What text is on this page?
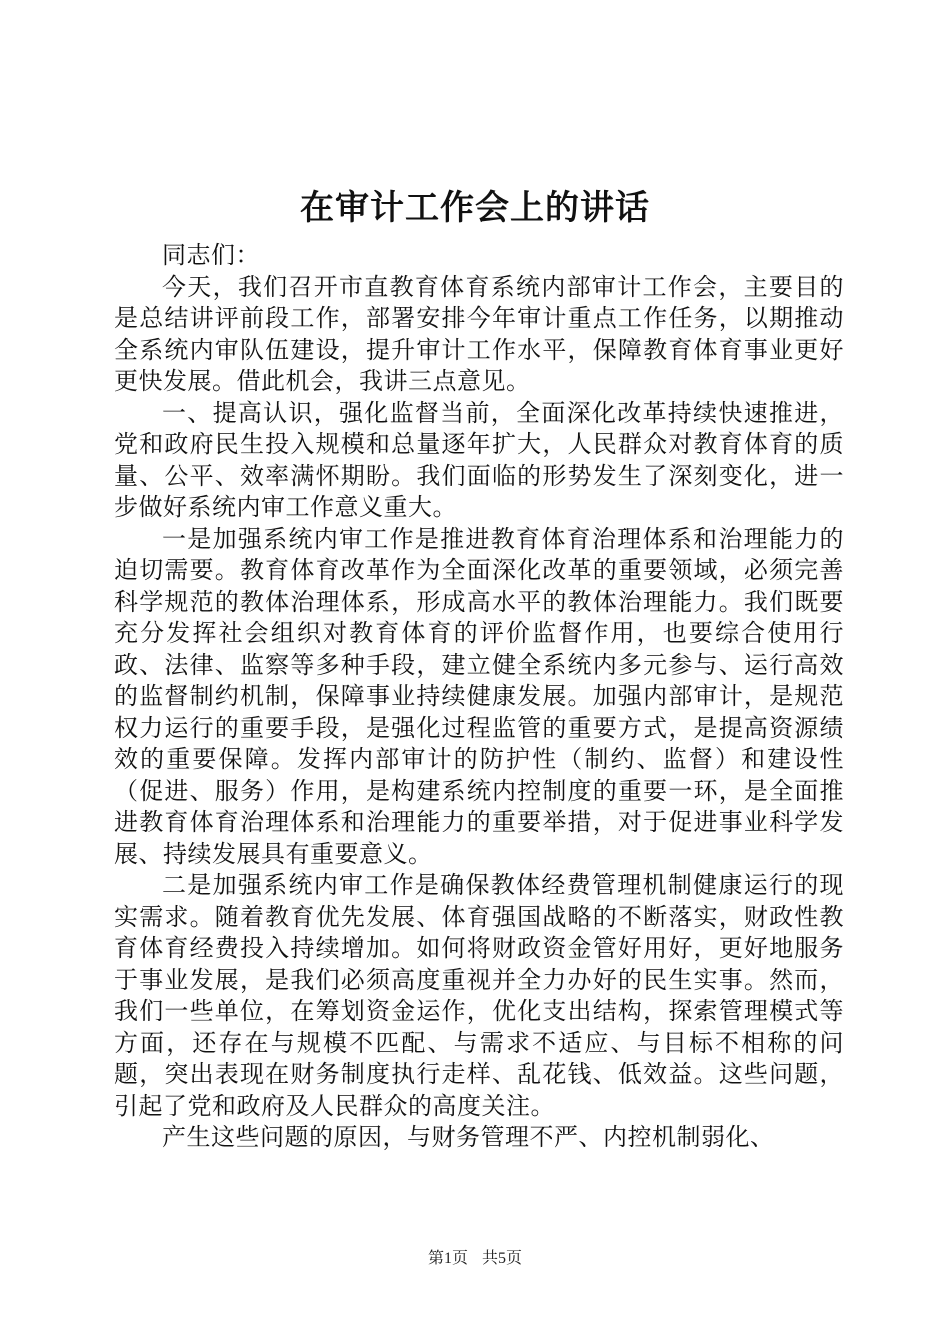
在审计工作会上的讲话

同志们：

今天，我们召开市直教育体育系统内部审计工作会，主要目的是总结讲评前段工作，部署安排今年审计重点工作任务，以期推动全系统内审队伍建设，提升审计工作水平，保障教育体育事业更好更快发展。借此机会，我讲三点意见。

一、提高认识，强化监督当前，全面深化改革持续快速推进，党和政府民生投入规模和总量逐年扩大，人民群众对教育体育的质量、公平、效率满怀期盼。我们面临的形势发生了深刻变化，进一步做好系统内审工作意义重大。

一是加强系统内审工作是推进教育体育治理体系和治理能力的迫切需要。教育体育改革作为全面深化改革的重要领域，必须完善科学规范的教体治理体系，形成高水平的教体治理能力。我们既要充分发挥社会组织对教育体育的评价监督作用，也要综合使用行政、法律、监察等多种手段，建立健全系统内多元参与、运行高效的监督制约机制，保障事业持续健康发展。加强内部审计，是规范权力运行的重要手段，是强化过程监管的重要方式，是提高资源绩效的重要保障。发挥内部审计的防护性（制约、监督）和建设性（促进、服务）作用，是构建系统内控制度的重要一环，是全面推进教育体育治理体系和治理能力的重要举措，对于促进事业科学发展、持续发展具有重要意义。

二是加强系统内审工作是确保教体经费管理机制健康运行的现实需求。随着教育优先发展、体育强国战略的不断落实，财政性教育体育经费投入持续增加。如何将财政资金管好用好，更好地服务于事业发展，是我们必须高度重视并全力办好的民生实事。然而，我们一些单位，在筹划资金运作，优化支出结构，探索管理模式等方面，还存在与规模不匹配、与需求不适应、与目标不相称的问题，突出表现在财务制度执行走样、乱花钱、低效益。这些问题，引起了党和政府及人民群众的高度关注。

产生这些问题的原因，与财务管理不严、内控机制弱化、

第1页 共5页
